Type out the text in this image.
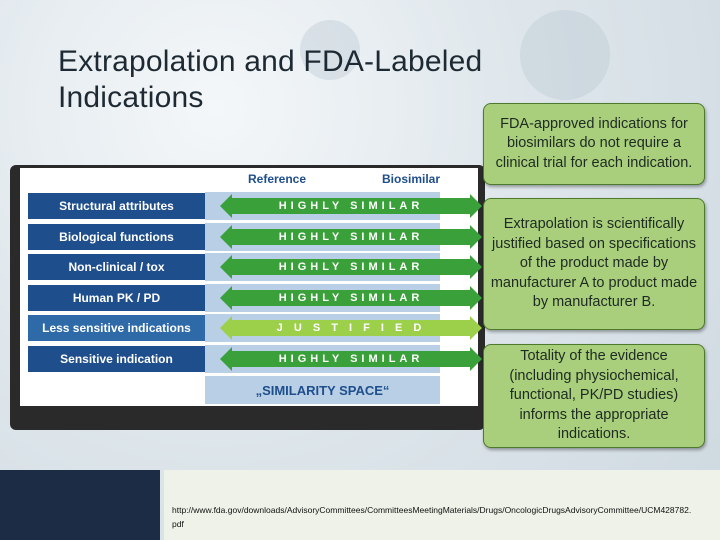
Extrapolation and FDA-Labeled Indications
Reference	Biosimilar
Structural attributes	HIGHLY SIMILAR
Biological functions	HIGHLY SIMILAR
Non-clinical / tox	HIGHLY SIMILAR
Human PK / PD	HIGHLY SIMILAR
Less sensitive indications	J U S T I F I E D
Sensitive indication	HIGHLY SIMILAR
„SIMILARITY SPACE“
FDA-approved indications for biosimilars do not require a clinical trial for each indication.
Extrapolation is scientifically justified based on specifications of the product made by manufacturer A to product made by manufacturer B.
Totality of the evidence (including physiochemical, functional, PK/PD studies) informs the appropriate indications.
http://www.fda.gov/downloads/AdvisoryCommittees/CommitteesMeetingMaterials/Drugs/OncologicDrugsAdvisoryCommittee/UCM428782.pdf
